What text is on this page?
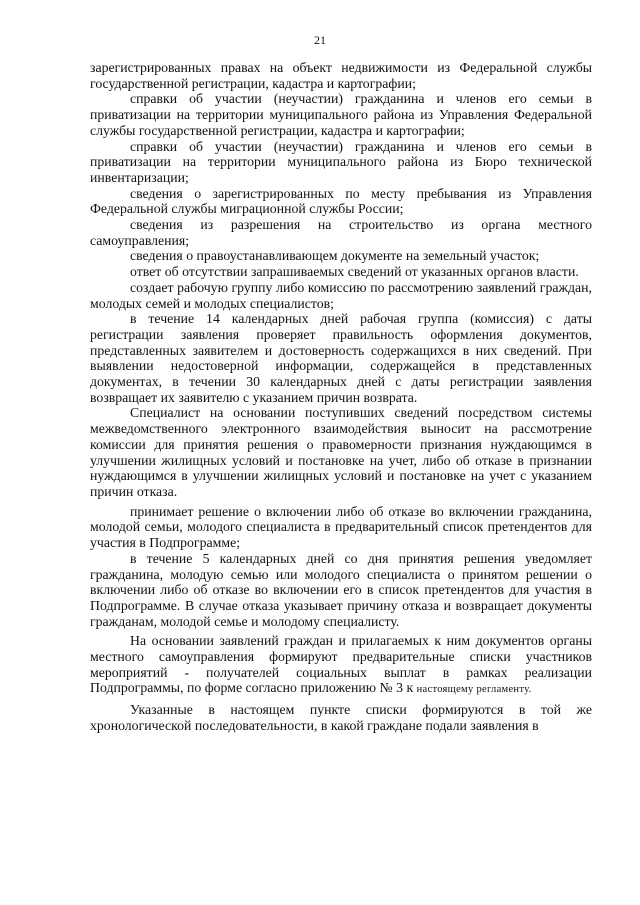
21

зарегистрированных правах на объект недвижимости из Федеральной службы государственной регистрации, кадастра и картографии;

справки об участии (неучастии) гражданина и членов его семьи в приватизации на территории муниципального района из Управления Федеральной службы государственной регистрации, кадастра и картографии;

справки об участии (неучастии) гражданина и членов его семьи в приватизации на территории муниципального района из Бюро технической инвентаризации;

сведения о зарегистрированных по месту пребывания из Управления Федеральной службы миграционной службы России;

сведения из разрешения на строительство из органа местного самоуправления;

сведения о правоустанавливающем документе на земельный участок;

ответ об отсутствии запрашиваемых сведений от указанных органов власти.

создает рабочую группу либо комиссию по рассмотрению заявлений граждан, молодых семей и молодых специалистов;

в течение 14 календарных дней рабочая группа (комиссия) с даты регистрации заявления проверяет правильность оформления документов, представленных заявителем и достоверность содержащихся в них сведений. При выявлении недостоверной информации, содержащейся в представленных документах, в течении 30 календарных дней с даты регистрации заявления возвращает их заявителю с указанием причин возврата.

Специалист на основании поступивших сведений посредством системы межведомственного электронного взаимодействия выносит на рассмотрение комиссии для принятия решения о правомерности признания нуждающимся в улучшении жилищных условий и постановке на учет, либо об отказе в признании нуждающимся в улучшении жилищных условий и постановке на учет с указанием причин отказа.

принимает решение о включении либо об отказе во включении гражданина, молодой семьи, молодого специалиста в предварительный список претендентов для участия в Подпрограмме;

в течение 5 календарных дней со дня принятия решения уведомляет гражданина, молодую семью или молодого специалиста о принятом решении о включении либо об отказе во включении его в список претендентов для участия в Подпрограмме. В случае отказа указывает причину отказа и возвращает документы гражданам, молодой семье и молодому специалисту.

На основании заявлений граждан и прилагаемых к ним документов органы местного самоуправления формируют предварительные списки участников мероприятий - получателей социальных выплат в рамках реализации Подпрограммы, по форме согласно приложению № 3 к настоящему регламенту.

Указанные в настоящем пункте списки формируются в той же хронологической последовательности, в какой граждане подали заявления в
